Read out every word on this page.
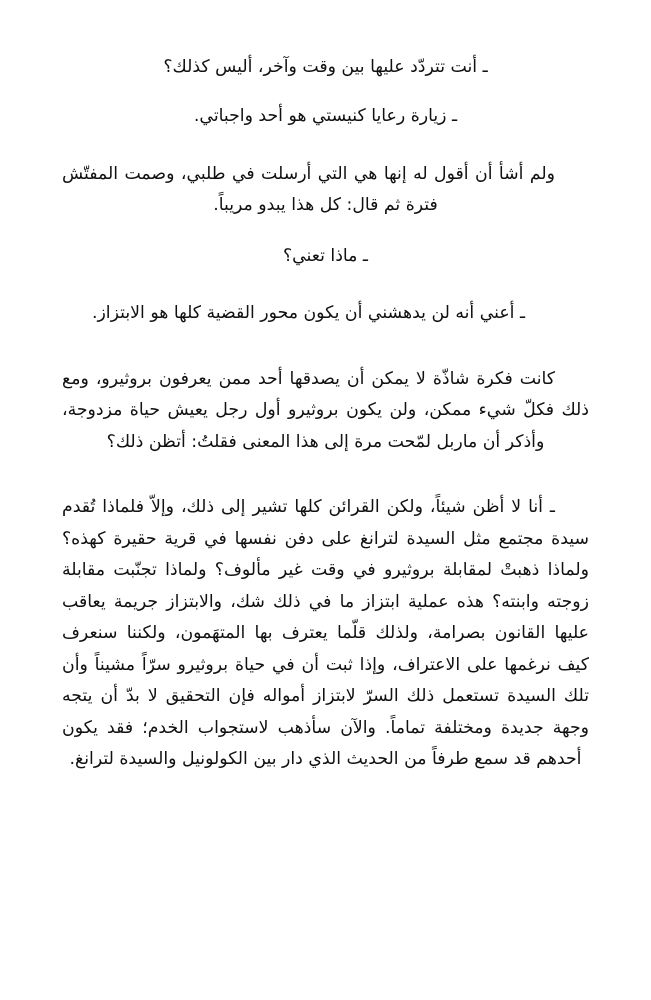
ـ أنت تتردّد عليها بين وقت وآخر، أليس كذلك؟

ـ زيارة رعايا كنيستي هو أحد واجباتي.

ولم أشأ أن أقول له إنها هي التي أرسلت في طلبي، وصمت المفتّش فترة ثم قال: كل هذا يبدو مريباً.

ـ ماذا تعني؟

ـ أعني أنه لن يدهشني أن يكون محور القضية كلها هو الابتزاز.

كانت فكرة شاذّة لا يمكن أن يصدقها أحد ممن يعرفون بروثيرو، ومع ذلك فكلّ شيء ممكن، ولن يكون بروثيرو أول رجل يعيش حياة مزدوجة، وأذكر أن ماربل لمّحت مرة إلى هذا المعنى فقلتُ: أتظن ذلك؟

ـ أنا لا أظن شيئاً، ولكن القرائن كلها تشير إلى ذلك، وإلاّ فلماذا تُقدم سيدة مجتمع مثل السيدة لترانغ على دفن نفسها في قرية حقيرة كهذه؟ ولماذا ذهبتْ لمقابلة بروثيرو في وقت غير مألوف؟ ولماذا تجنّبت مقابلة زوجته وابنته؟ هذه عملية ابتزاز ما في ذلك شك، والابتزاز جريمة يعاقب عليها القانون بصرامة، ولذلك قلّما يعترف بها المتهَمون، ولكننا سنعرف كيف نرغمها على الاعتراف، وإذا ثبت أن في حياة بروثيرو سرّاً مشيناً وأن تلك السيدة تستعمل ذلك السرّ لابتزاز أمواله فإن التحقيق لا بدّ أن يتجه وجهة جديدة ومختلفة تماماً. والآن سأذهب لاستجواب الخدم؛ فقد يكون أحدهم قد سمع طرفاً من الحديث الذي دار بين الكولونيل والسيدة لترانغ.
